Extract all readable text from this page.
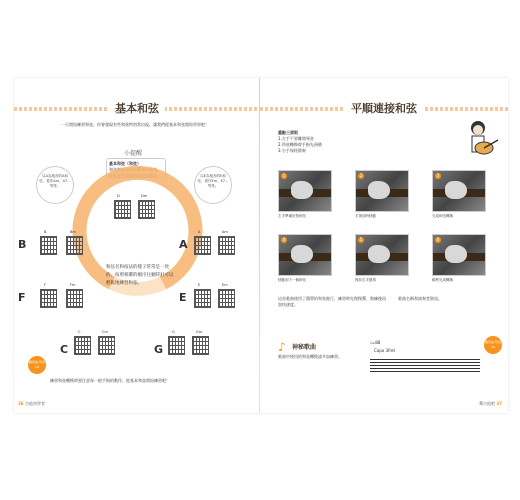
基本和弦
一旦開始練習和弦，你會發現有些和弦特別常出現。讓我們從基本和弦開始學習吧！
小提醒
基本和弦（和弦）
和弦指的是同時彈奏多個音。把和弦背起來對你很有幫助。
以A為根音的A和弦，看作Am、A7…等等。
以E為根音的E和弦，看作Em、E7…等等。
和弦名和按法的樣子常常是一致的，按照相鄰的順序往順時針可以輕鬆地練習和弦。
B	A
F	E
C	G
B	Bm	A	Am
F	Fm	E	Em
C	Cm
D	Dm
G	Gm
練習曲 附加CD
練習和弦轉換時要注意每一根手指的動作。從基本和弦開始練習吧！
36 吉他初學者
平順連接和弦
重點三原則
1.左手不要離開琴弦
2.和弦轉換時手指先預備
3.右手保持節奏
1	2	3
左手準備好按和弦	手指同時移動	完成和弦轉換
4	5	6
移動到下一個和弦	保持右手節奏	順利完成轉換
這首歌曲使用了簡單的和弦進行，練習時先慢慢彈，熟練後再加快速度。
歌曲名稱和演奏者資訊。
♪ 神秘歌曲
歌曲中使用的和弦轉換請多加練習。
♩=88
Capo 3fret
練習曲 附加CD
彈吉他吧 37
